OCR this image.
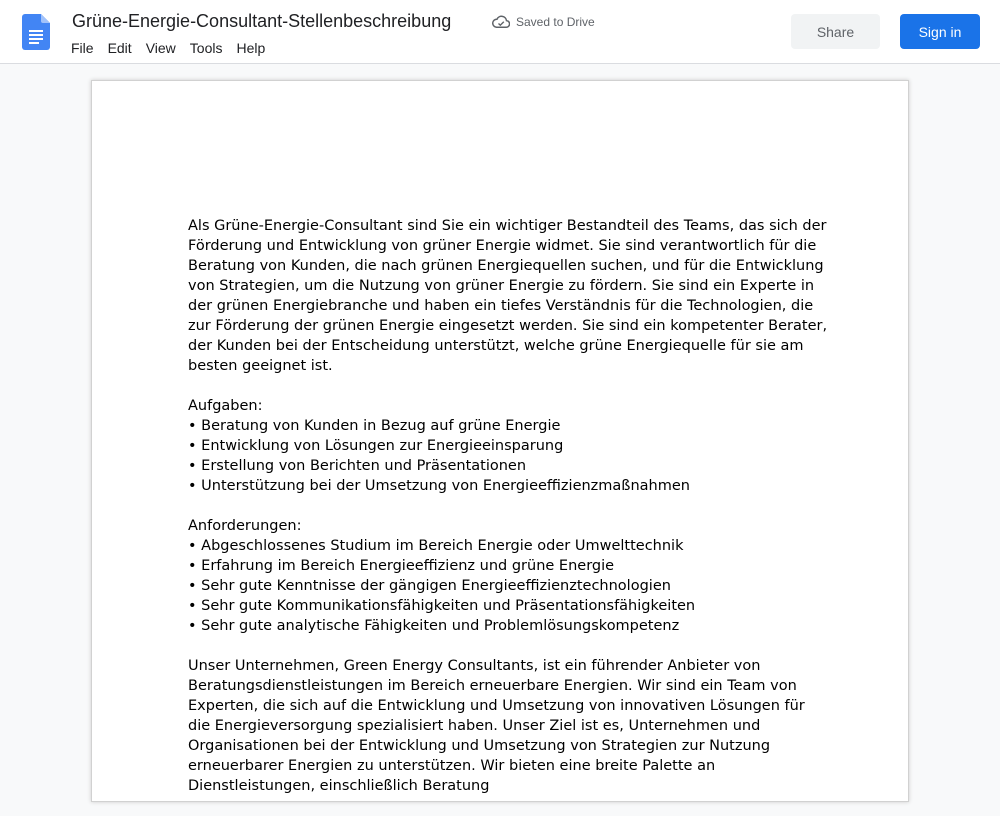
Grüne-Energie-Consultant-Stellenbeschreibung	Saved to Drive
File Edit View Tools Help
Share	Sign in

Als Grüne-Energie-Consultant sind Sie ein wichtiger Bestandteil des Teams, das sich der Förderung und Entwicklung von grüner Energie widmet. Sie sind verantwortlich für die Beratung von Kunden, die nach grünen Energiequellen suchen, und für die Entwicklung von Strategien, um die Nutzung von grüner Energie zu fördern. Sie sind ein Experte in der grünen Energiebranche und haben ein tiefes Verständnis für die Technologien, die zur Förderung der grünen Energie eingesetzt werden. Sie sind ein kompetenter Berater, der Kunden bei der Entscheidung unterstützt, welche grüne Energiequelle für sie am besten geeignet ist.

Aufgaben:
• Beratung von Kunden in Bezug auf grüne Energie
• Entwicklung von Lösungen zur Energieeinsparung
• Erstellung von Berichten und Präsentationen
• Unterstützung bei der Umsetzung von Energieeffizienzmaßnahmen

Anforderungen:
• Abgeschlossenes Studium im Bereich Energie oder Umwelttechnik
• Erfahrung im Bereich Energieeffizienz und grüne Energie
• Sehr gute Kenntnisse der gängigen Energieeffizienztechnologien
• Sehr gute Kommunikationsfähigkeiten und Präsentationsfähigkeiten
• Sehr gute analytische Fähigkeiten und Problemlösungskompetenz

Unser Unternehmen, Green Energy Consultants, ist ein führender Anbieter von Beratungsdienstleistungen im Bereich erneuerbare Energien. Wir sind ein Team von Experten, die sich auf die Entwicklung und Umsetzung von innovativen Lösungen für die Energieversorgung spezialisiert haben. Unser Ziel ist es, Unternehmen und Organisationen bei der Entwicklung und Umsetzung von Strategien zur Nutzung erneuerbarer Energien zu unterstützen. Wir bieten eine breite Palette an Dienstleistungen, einschließlich Beratung
